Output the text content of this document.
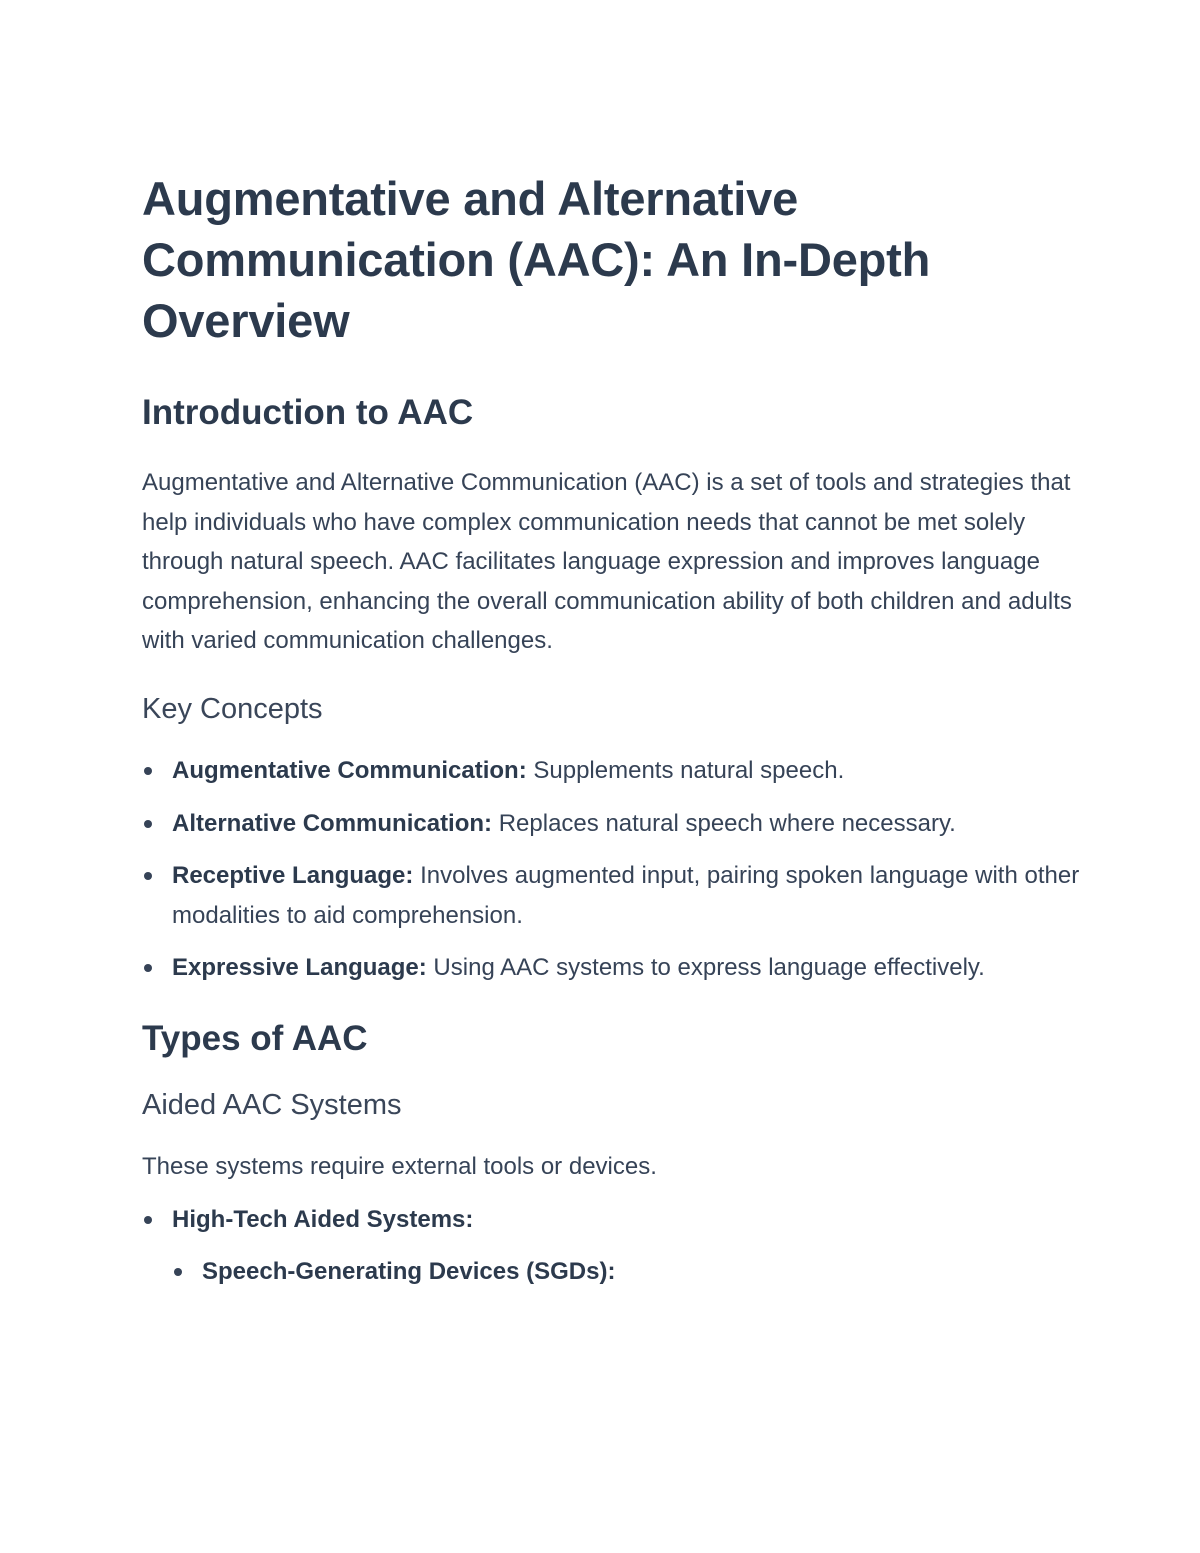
Augmentative and Alternative Communication (AAC): An In-Depth Overview
Introduction to AAC

Augmentative and Alternative Communication (AAC) is a set of tools and strategies that help individuals who have complex communication needs that cannot be met solely through natural speech. AAC facilitates language expression and improves language comprehension, enhancing the overall communication ability of both children and adults with varied communication challenges.

Key Concepts
Augmentative Communication: Supplements natural speech.
Alternative Communication: Replaces natural speech where necessary.
Receptive Language: Involves augmented input, pairing spoken language with other modalities to aid comprehension.
Expressive Language: Using AAC systems to express language effectively.
Types of AAC
Aided AAC Systems

These systems require external tools or devices.

High-Tech Aided Systems:
Speech-Generating Devices (SGDs):
